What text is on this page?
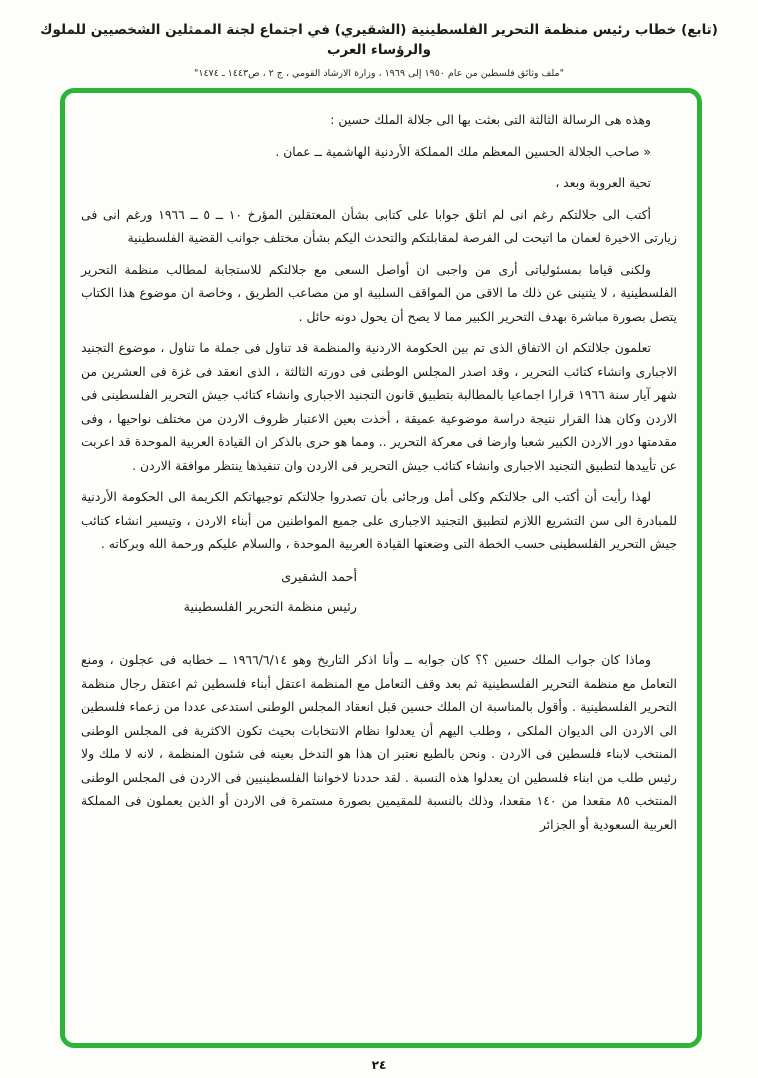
(تابع) خطاب رئيس منظمة التحرير الفلسطينية (الشقيري) في اجتماع لجنة الممثلين الشخصيين للملوك والرؤساء العرب
"ملف وثائق فلسطين من عام ١٩٥٠ إلى ١٩٦٩ ، وزارة الارشاد القومي ، ج ٢ ، ص١٤٤٣ ـ ١٤٧٤"

وهذه هى الرسالة الثالثة التى بعثت بها الى جلالة الملك حسين :

« صاحب الجلالة الحسين المعظم ملك المملكة الأردنية الهاشمية ــ عمان .

تحية العروبة وبعد ،

أكتب الى جلالتكم رغم انى لم اتلق جوابا على كتابى بشأن المعتقلين المؤرخ ١٠ ــ ٥ ــ ١٩٦٦ ورغم انى فى زيارتى الاخيرة لعمان ما اتيحت لى الفرصة لمقابلتكم والتحدث اليكم بشأن مختلف جوانب القضية الفلسطينية

ولكنى قياما بمسئولياتى أرى من واجبى ان أواصل السعى مع جلالتكم للاستجابة لمطالب منظمة التحرير الفلسطينية ، لا يثنينى عن ذلك ما الاقى من المواقف السلبية او من مصاعب الطريق ، وخاصة ان موضوع هذا الكتاب يتصل بصورة مباشرة بهدف التحرير الكبير مما لا يصح أن يحول دونه حائل .

تعلمون جلالتكم ان الاتفاق الذى تم بين الحكومة الاردنية والمنظمة قد تناول فى جملة ما تناول ، موضوع التجنيد الاجبارى وانشاء كتائب التحرير ، وقد اصدر المجلس الوطنى فى دورته الثالثة ، الذى انعقد فى غزة فى العشرين من شهر آيار سنة ١٩٦٦ قرارا اجماعيا بالمطالبة بتطبيق قانون التجنيد الاجبارى وانشاء كتائب جيش التحرير الفلسطينى فى الاردن وكان هذا القرار نتيجة دراسة موضوعية عميقة ، أخذت بعين الاعتبار ظروف الاردن من مختلف نواحيها ، وفى مقدمتها دور الاردن الكبير شعبا وارضا فى معركة التحرير .. ومما هو حرى بالذكر ان القيادة العربية الموحدة قد اعربت عن تأييدها لتطبيق التجنيد الاجبارى وانشاء كتائب جيش التحرير فى الاردن وان تنفيذها ينتظر موافقة الاردن .

لهذا رأيت أن أكتب الى جلالتكم وكلى أمل ورجائى بأن تصدروا جلالتكم توجيهاتكم الكريمة الى الحكومة الأردنية للمبادرة الى سن التشريع اللازم لتطبيق التجنيد الاجبارى على جميع المواطنين من أبناء الاردن ، وتيسير انشاء كتائب جيش التحرير الفلسطينى حسب الخطة التى وضعتها القيادة العربية الموحدة ، والسلام عليكم ورحمة الله وبركاته .

أحمد الشقيرى
رئيس منظمة التحرير الفلسطينية

وماذا كان جواب الملك حسين ؟؟ كان جوابه ــ وأنا اذكر التاريخ وهو ١٩٦٦/٦/١٤ ــ خطابه فى عجلون ، ومنع التعامل مع منظمة التحرير الفلسطينية ثم بعد وقف التعامل مع المنظمة اعتقل أبناء فلسطين ثم اعتقل رجال منظمة التحرير الفلسطينية . وأقول بالمناسبة ان الملك حسين قبل انعقاد المجلس الوطنى استدعى عددا من زعماء فلسطين الى الاردن الى الديوان الملكى ، وطلب اليهم أن يعدلوا نظام الانتخابات بحيث تكون الاكثرية فى المجلس الوطنى المنتخب لابناء فلسطين فى الاردن . ونحن بالطبع نعتبر ان هذا هو التدخل بعينه فى شئون المنظمة ، لانه لا ملك ولا رئيس طلب من ابناء فلسطين ان يعدلوا هذه النسبة . لقد حددنا لاخواننا الفلسطينيين فى الاردن فى المجلس الوطنى المنتخب ٨٥ مقعدا من ١٤٠ مقعدا، وذلك بالنسبة للمقيمين بصورة مستمرة فى الاردن أو الذين يعملون فى المملكة العربية السعودية أو الجزائر

٢٤
